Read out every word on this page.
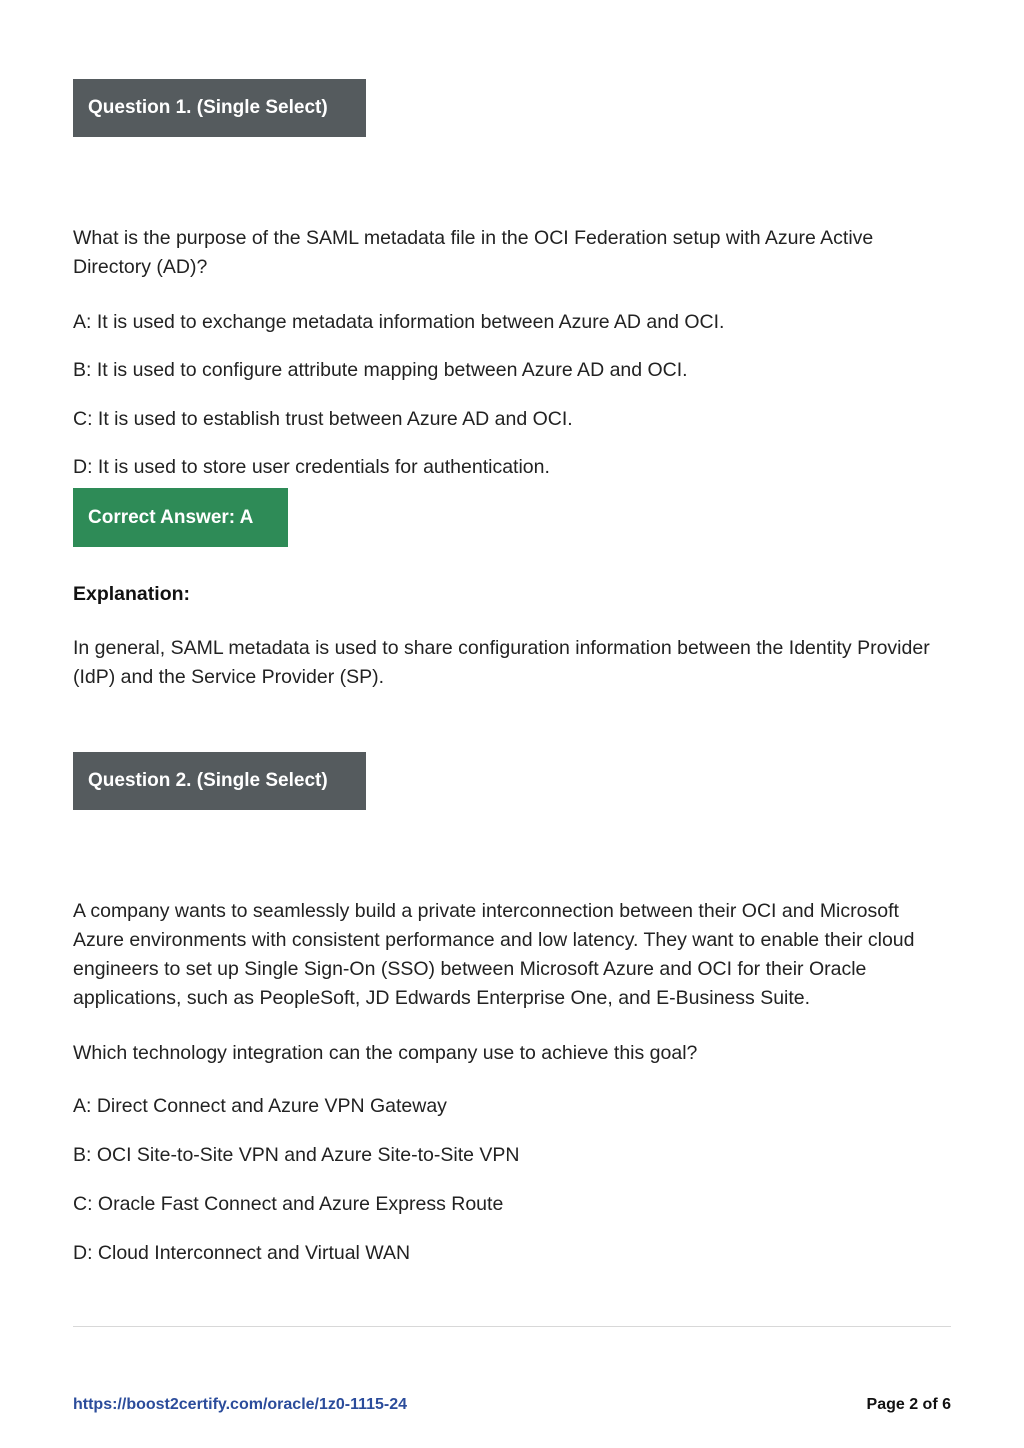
Question 1. (Single Select)

What is the purpose of the SAML metadata file in the OCI Federation setup with Azure Active Directory (AD)?

A: It is used to exchange metadata information between Azure AD and OCI.

B: It is used to configure attribute mapping between Azure AD and OCI.

C: It is used to establish trust between Azure AD and OCI.

D: It is used to store user credentials for authentication.

Correct Answer: A

Explanation:

In general, SAML metadata is used to share configuration information between the Identity Provider (IdP) and the Service Provider (SP).

Question 2. (Single Select)

A company wants to seamlessly build a private interconnection between their OCI and Microsoft Azure environments with consistent performance and low latency. They want to enable their cloud engineers to set up Single Sign-On (SSO) between Microsoft Azure and OCI for their Oracle applications, such as PeopleSoft, JD Edwards Enterprise One, and E-Business Suite.

Which technology integration can the company use to achieve this goal?

A: Direct Connect and Azure VPN Gateway

B: OCI Site-to-Site VPN and Azure Site-to-Site VPN

C: Oracle Fast Connect and Azure Express Route

D: Cloud Interconnect and Virtual WAN

https://boost2certify.com/oracle/1z0-1115-24	Page 2 of 6
